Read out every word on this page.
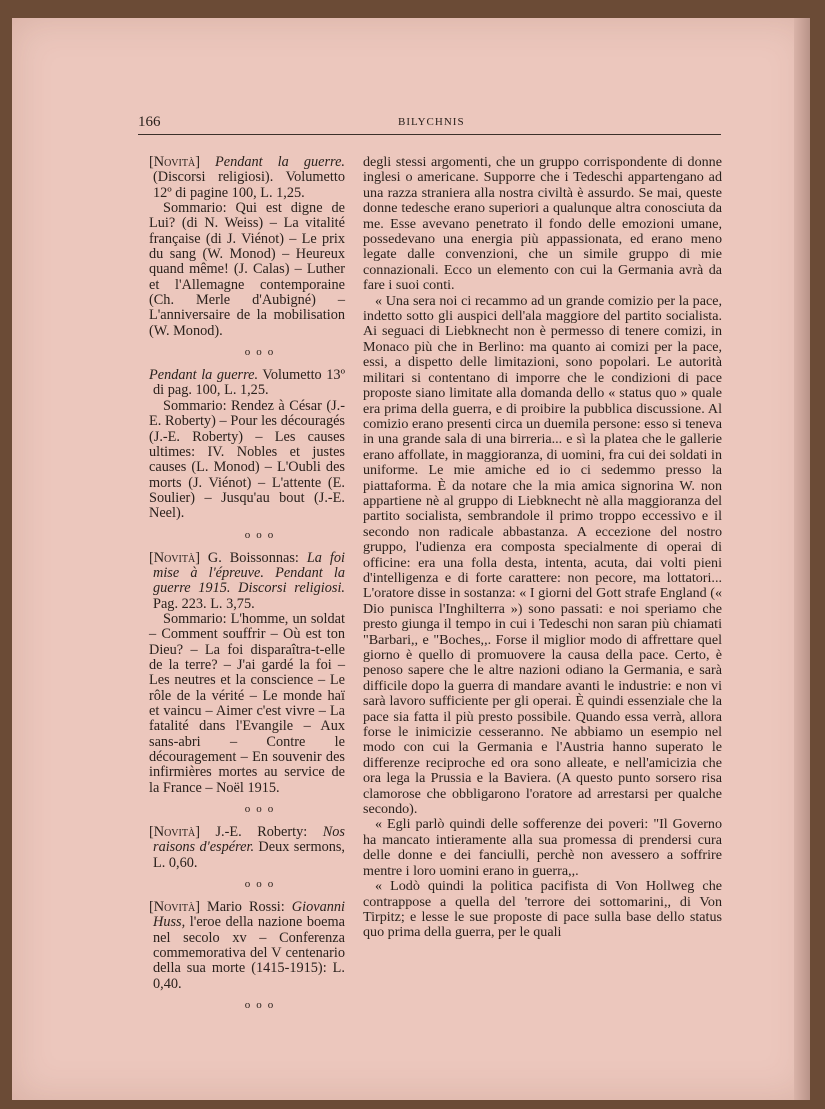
166	BILYCHNIS

[Novità] Pendant la guerre. (Discorsi religiosi). Volumetto 12º di pagine 100, L. 1,25.

Sommario: Qui est digne de Lui? (di N. Weiss) – La vitalité française (di J. Viénot) – Le prix du sang (W. Monod) – Heureux quand même! (J. Calas) – Luther et l'Allemagne contemporaine (Ch. Merle d'Aubigné) – L'anniversaire de la mobilisation (W. Monod).

ooo

Pendant la guerre. Volumetto 13º di pag. 100, L. 1,25.

Sommario: Rendez à César (J.-E. Roberty) – Pour les découragés (J.-E. Roberty) – Les causes ultimes: IV. Nobles et justes causes (L. Monod) – L'Oubli des morts (J. Viénot) – L'attente (E. Soulier) – Jusqu'au bout (J.-E. Neel).

ooo

[Novità] G. Boissonnas: La foi mise à l'épreuve. Pendant la guerre 1915. Discorsi religiosi. Pag. 223. L. 3,75.

Sommario: L'homme, un soldat – Comment souffrir – Où est ton Dieu? – La foi disparaîtra-t-elle de la terre? – J'ai gardé la foi – Les neutres et la conscience – Le rôle de la vérité – Le monde haï et vaincu – Aimer c'est vivre – La fatalité dans l'Evangile – Aux sans-abri – Contre le découragement – En souvenir des infirmières mortes au service de la France – Noël 1915.

ooo

[Novità] J.-E. Roberty: Nos raisons d'espérer. Deux sermons, L. 0,60.

ooo

[Novità] Mario Rossi: Giovanni Huss, l'eroe della nazione boema nel secolo xv – Conferenza commemorativa del V centenario della sua morte (1415-1915): L. 0,40.

ooo

degli stessi argomenti, che un gruppo corrispondente di donne inglesi o americane. Supporre che i Tedeschi appartengano ad una razza straniera alla nostra civiltà è assurdo. Se mai, queste donne tedesche erano superiori a qualunque altra conosciuta da me. Esse avevano penetrato il fondo delle emozioni umane, possedevano una energia più appassionata, ed erano meno legate dalle convenzioni, che un simile gruppo di mie connazionali. Ecco un elemento con cui la Germania avrà da fare i suoi conti.

« Una sera noi ci recammo ad un grande comizio per la pace, indetto sotto gli auspici dell'ala maggiore del partito socialista. Ai seguaci di Liebknecht non è permesso di tenere comizi, in Monaco più che in Berlino: ma quanto ai comizi per la pace, essi, a dispetto delle limitazioni, sono popolari. Le autorità militari si contentano di imporre che le condizioni di pace proposte siano limitate alla domanda dello « status quo » quale era prima della guerra, e di proibire la pubblica discussione. Al comizio erano presenti circa un duemila persone: esso si teneva in una grande sala di una birreria... e sì la platea che le gallerie erano affollate, in maggioranza, di uomini, fra cui dei soldati in uniforme. Le mie amiche ed io ci sedemmo presso la piattaforma. È da notare che la mia amica signorina W. non appartiene nè al gruppo di Liebknecht nè alla maggioranza del partito socialista, sembrandole il primo troppo eccessivo e il secondo non radicale abbastanza. A eccezione del nostro gruppo, l'udienza era composta specialmente di operai di officine: era una folla desta, intenta, acuta, dai volti pieni d'intelligenza e di forte carattere: non pecore, ma lottatori... L'oratore disse in sostanza: « I giorni del Gott strafe England (« Dio punisca l'Inghilterra ») sono passati: e noi speriamo che presto giunga il tempo in cui i Tedeschi non saran più chiamati "Barbari,, e "Boches,,. Forse il miglior modo di affrettare quel giorno è quello di promuovere la causa della pace. Certo, è penoso sapere che le altre nazioni odiano la Germania, e sarà difficile dopo la guerra di mandare avanti le industrie: e non vi sarà lavoro sufficiente per gli operai. È quindi essenziale che la pace sia fatta il più presto possibile. Quando essa verrà, allora forse le inimicizie cesseranno. Ne abbiamo un esempio nel modo con cui la Germania e l'Austria hanno superato le differenze reciproche ed ora sono alleate, e nell'amicizia che ora lega la Prussia e la Baviera. (A questo punto sorsero risa clamorose che obbligarono l'oratore ad arrestarsi per qualche secondo).

« Egli parlò quindi delle sofferenze dei poveri: "Il Governo ha mancato intieramente alla sua promessa di prendersi cura delle donne e dei fanciulli, perchè non avessero a soffrire mentre i loro uomini erano in guerra,,.

« Lodò quindi la politica pacifista di Von Hollweg che contrappose a quella del 'terrore dei sottomarini,, di Von Tirpitz; e lesse le sue proposte di pace sulla base dello status quo prima della guerra, per le quali
